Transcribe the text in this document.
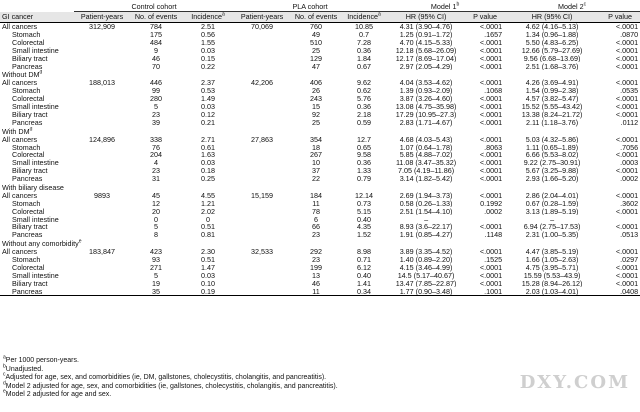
	Control cohort			PLA cohort			Model 1$^b$		Model 2$^c$
GI cancer	Patient-years	No. of events	Incidence$^a$	Patient-years	No. of events	Incidence$^a$	HR (95% CI)	P value	HR (95% CI)	P value
All cancers	312,909	784	2.51	70,069	760	10.85	4.31 (3.90–4.76)	<.0001	4.62 (4.16–5.13)	<.0001
Stomach		175	0.56		49	0.7	1.25 (0.91–1.72)	.1657	1.34 (0.96–1.88)	.0870
Colorectal		484	1.55		510	7.28	4.70 (4.15–5.33)	<.0001	5.50 (4.83–6.25)	<.0001
Small intestine		9	0.03		25	0.36	12.18 (5.68–26.09)	<.0001	12.66 (5.79–27.69)	<.0001
Biliary tract		46	0.15		129	1.84	12.17 (8.69–17.04)	<.0001	9.56 (6.68–13.69)	<.0001
Pancreas		70	0.22		47	0.67	2.97 (2.05–4.29)	<.0001	2.51 (1.68–3.76)	<.0001
Without $DM^d$
All cancers	188,013	446	2.37	42,206	406	9.62	4.04 (3.53–4.62)	<.0001	4.26 (3.69–4.91)	<.0001
Stomach		99	0.53		26	0.62	1.39 (0.93–2.09)	.1068	1.54 (0.99–2.38)	.0535
Colorectal		280	1.49		243	5.76	3.87 (3.26–4.60)	<.0001	4.57 (3.82–5.47)	<.0001
Small intestine		5	0.03		15	0.36	13.08 (4.75–35.98)	<.0001	15.52 (5.55–43.42)	<.0001
Biliary tract		23	0.12		92	2.18	17.29 (10.95–27.3)	<.0001	13.38 (8.24–21.72)	<.0001
Pancreas		39	0.21		25	0.59	2.83 (1.71–4.67)	<.0001	2.11 (1.18–3.76)	.0112
With $DM^d$
All cancers	124,896	338	2.71	27,863	354	12.7	4.68 (4.03–5.43)	<.0001	5.03 (4.32–5.86)	<.0001
Stomach		76	0.61		18	0.65	1.07 (0.64–1.78)	.8063	1.11 (0.65–1.89)	.7056
Colorectal		204	1.63		267	9.58	5.85 (4.88–7.02)	<.0001	6.66 (5.53–8.02)	<.0001
Small intestine		4	0.03		10	0.36	11.08 (3.47–35.32)	<.0001	9.22 (2.75–30.91)	.0003
Biliary tract		23	0.18		37	1.33	7.05 (4.19–11.86)	<.0001	5.67 (3.25–9.88)	<.0001
Pancreas		31	0.25		22	0.79	3.14 (1.82–5.42)	<.0001	2.93 (1.66–5.20)	.0002
With biliary disease										
All cancers	9893	45	4.55	15,159	184	12.14	2.69 (1.94–3.73)	<.0001	2.86 (2.04–4.01)	<.0001
Stomach		12	1.21		11	0.73	0.58 (0.26–1.33)	0.1992	0.67 (0.28–1.59)	.3602
Colorectal		20	2.02		78	5.15	2.51 (1.54–4.10)	.0002	3.13 (1.89–5.19)	<.0001
Small intestine		0	0		6	0.40	–		–	
Biliary tract		5	0.51		66	4.35	8.93 (3.6–22.17)	<.0001	6.94 (2.75–17.53)	<.0001
Pancreas		8	0.81		23	1.52	1.91 (0.85–4.27)	.1148	2.31 (1.00–5.35)	.0513
Without any comorbidity$^e$
All cancers	183,847	423	2.30	32,533	292	8.98	3.89 (3.35–4.52)	<.0001	4.47 (3.85–5.19)	<.0001
Stomach		93	0.51		23	0.71	1.40 (0.89–2.20)	.1525	1.66 (1.05–2.63)	.0297
Colorectal		271	1.47		199	6.12	4.15 (3.46–4.99)	<.0001	4.75 (3.95–5.71)	<.0001
Small intestine		5	0.03		13	0.40	14.5 (5.17–40.67)	<.0001	15.59 (5.53–43.9)	<.0001
Biliary tract		19	0.10		46	1.41	13.47 (7.85–22.87)	<.0001	15.28 (8.94–26.12)	<.0001
Pancreas		35	0.19		11	0.34	1.77 (0.90–3.48)	.1001	2.03 (1.03–4.01)	.0408
$^a$Per 1000 person-years.
$^b$Unadjusted.
$^c$Adjusted for age, sex, and comorbidities (ie, DM, gallstones, cholecystitis, cholangitis, and pancreatitis).
$^d$Model 2 adjusted for age, sex, and comorbidities (ie, gallstones, cholecystitis, cholangitis, and pancreatitis).
$^e$Model 2 adjusted for age and sex.
DXY.COM
